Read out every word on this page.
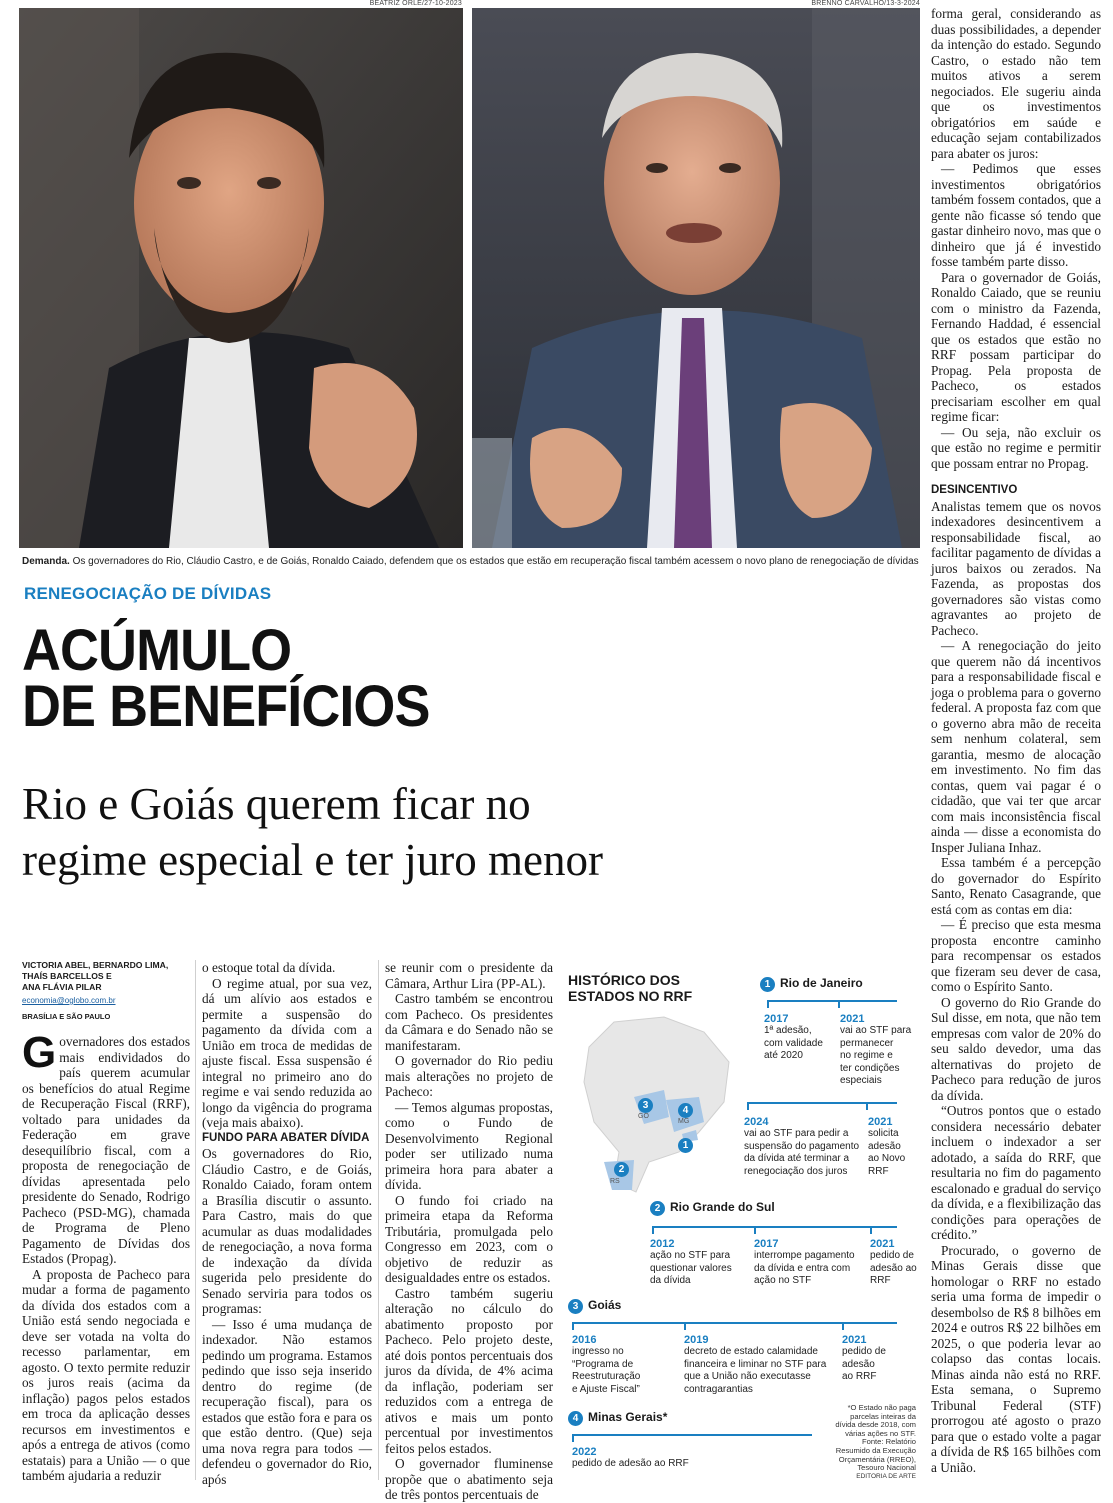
BEATRIZ ORLE/27-10-2023	BRENNO CARVALHO/13-3-2024
Demanda. Os governadores do Rio, Cláudio Castro, e de Goiás, Ronaldo Caiado, defendem que os estados que estão em recuperação fiscal também acessem o novo plano de renegociação de dívidas
RENEGOCIAÇÃO DE DÍVIDAS
ACÚMULO
DE BENEFÍCIOS
Rio e Goiás querem ficar no
regime especial e ter juro menor
VICTORIA ABEL, BERNARDO LIMA,
THAÍS BARCELLOS E
ANA FLÁVIA PILAR
economia@oglobo.com.br
BRASÍLIA E SÃO PAULO

Governadores dos estados mais endividados do país querem acumular os benefícios do atual Regime de Recuperação Fiscal (RRF), voltado para unidades da Federação em grave desequilíbrio fiscal, com a proposta de renegociação de dívidas apresentada pelo presidente do Senado, Rodrigo Pacheco (PSD-MG), chamada de Programa de Pleno Pagamento de Dívidas dos Estados (Propag).

A proposta de Pacheco para mudar a forma de pagamento da dívida dos estados com a União está sendo negociada e deve ser votada na volta do recesso parlamentar, em agosto. O texto permite reduzir os juros reais (acima da inflação) pagos pelos estados em troca da aplicação desses recursos em investimentos e após a entrega de ativos (como estatais) para a União — o que também ajudaria a reduzir

o estoque total da dívida.

O regime atual, por sua vez, dá um alívio aos estados e permite a suspensão do pagamento da dívida com a União em troca de medidas de ajuste fiscal. Essa suspensão é integral no primeiro ano do regime e vai sendo reduzida ao longo da vigência do programa (veja mais abaixo).

FUNDO PARA ABATER DÍVIDA

Os governadores do Rio, Cláudio Castro, e de Goiás, Ronaldo Caiado, foram ontem a Brasília discutir o assunto. Para Castro, mais do que acumular as duas modalidades de renegociação, a nova forma de indexação da dívida sugerida pelo presidente do Senado serviria para todos os programas:

— Isso é uma mudança de indexador. Não estamos pedindo um programa. Estamos pedindo que isso seja inserido dentro do regime (de recuperação fiscal), para os estados que estão fora e para os que estão dentro. (Que) seja uma nova regra para todos — defendeu o governador do Rio, após

se reunir com o presidente da Câmara, Arthur Lira (PP-AL).

Castro também se encontrou com Pacheco. Os presidentes da Câmara e do Senado não se manifestaram.

O governador do Rio pediu mais alterações no projeto de Pacheco:

— Temos algumas propostas, como o Fundo de Desenvolvimento Regional poder ser utilizado numa primeira hora para abater a dívida.

O fundo foi criado na primeira etapa da Reforma Tributária, promulgada pelo Congresso em 2023, com o objetivo de reduzir as desigualdades entre os estados.

Castro também sugeriu alteração no cálculo do abatimento proposto por Pacheco. Pelo projeto deste, até dois pontos percentuais dos juros da dívida, de 4% acima da inflação, poderiam ser reduzidos com a entrega de ativos e mais um ponto percentual por investimentos feitos pelos estados.

O governador fluminense propõe que o abatimento seja de três pontos percentuais de

forma geral, considerando as duas possibilidades, a depender da intenção do estado. Segundo Castro, o estado não tem muitos ativos a serem negociados. Ele sugeriu ainda que os investimentos obrigatórios em saúde e educação sejam contabilizados para abater os juros:

— Pedimos que esses investimentos obrigatórios também fossem contados, que a gente não ficasse só tendo que gastar dinheiro novo, mas que o dinheiro que já é investido fosse também parte disso.

Para o governador de Goiás, Ronaldo Caiado, que se reuniu com o ministro da Fazenda, Fernando Haddad, é essencial que os estados que estão no RRF possam participar do Propag. Pela proposta de Pacheco, os estados precisariam escolher em qual regime ficar:

— Ou seja, não excluir os que estão no regime e permitir que possam entrar no Propag.

DESINCENTIVO

Analistas temem que os novos indexadores desincentivem a responsabilidade fiscal, ao facilitar pagamento de dívidas a juros baixos ou zerados. Na Fazenda, as propostas dos governadores são vistas como agravantes ao projeto de Pacheco.

— A renegociação do jeito que querem não dá incentivos para a responsabilidade fiscal e joga o problema para o governo federal. A proposta faz com que o governo abra mão de receita sem nenhum colateral, sem garantia, mesmo de alocação em investimento. No fim das contas, quem vai pagar é o cidadão, que vai ter que arcar com mais inconsistência fiscal ainda — disse a economista do Insper Juliana Inhaz.

Essa também é a percepção do governador do Espírito Santo, Renato Casagrande, que está com as contas em dia:

— É preciso que esta mesma proposta encontre caminho para recompensar os estados que fizeram seu dever de casa, como o Espírito Santo.

O governo do Rio Grande do Sul disse, em nota, que não tem empresas com valor de 20% do seu saldo devedor, uma das alternativas do projeto de Pacheco para redução de juros da dívida.

“Outros pontos que o estado considera necessário debater incluem o indexador a ser adotado, a saída do RRF, que resultaria no fim do pagamento escalonado e gradual do serviço da dívida, e a flexibilização das condições para operações de crédito.”

Procurado, o governo de Minas Gerais disse que homologar o RRF no estado seria uma forma de impedir o desembolso de R$ 8 bilhões em 2024 e outros R$ 22 bilhões em 2025, o que poderia levar ao colapso das contas locais. Minas ainda não está no RRF. Esta semana, o Supremo Tribunal Federal (STF) prorrogou até agosto o prazo para que o estado volte a pagar a dívida de R$ 165 bilhões com a União.

HISTÓRICO DOS
ESTADOS NO RRF
GO
MG
RS
3	4
1
2
1 Rio de Janeiro
2017
1ª adesão,
com validade
até 2020
2021
vai ao STF para
permanecer
no regime e
ter condições
especiais
2024
vai ao STF para pedir a
suspensão do pagamento
da dívida até terminar a
renegociação dos juros
2021
solicita
adesão
ao Novo
RRF
2 Rio Grande do Sul
2012
ação no STF para
questionar valores
da dívida
2017
interrompe pagamento
da dívida e entra com
ação no STF
2021
pedido de
adesão ao
RRF
3 Goiás
2016
ingresso no
“Programa de
Reestruturação
e Ajuste Fiscal”
2019
decreto de estado calamidade
financeira e liminar no STF para
que a União não executasse
contragarantias
2021
pedido de
adesão
ao RRF
4 Minas Gerais*
2022
pedido de adesão ao RRF
*O Estado não paga
parcelas inteiras da
dívida desde 2018, com
várias ações no STF.
Fonte: Relatório
Resumido da Execução
Orçamentária (RREO),
Tesouro Nacional
EDITORIA DE ARTE
